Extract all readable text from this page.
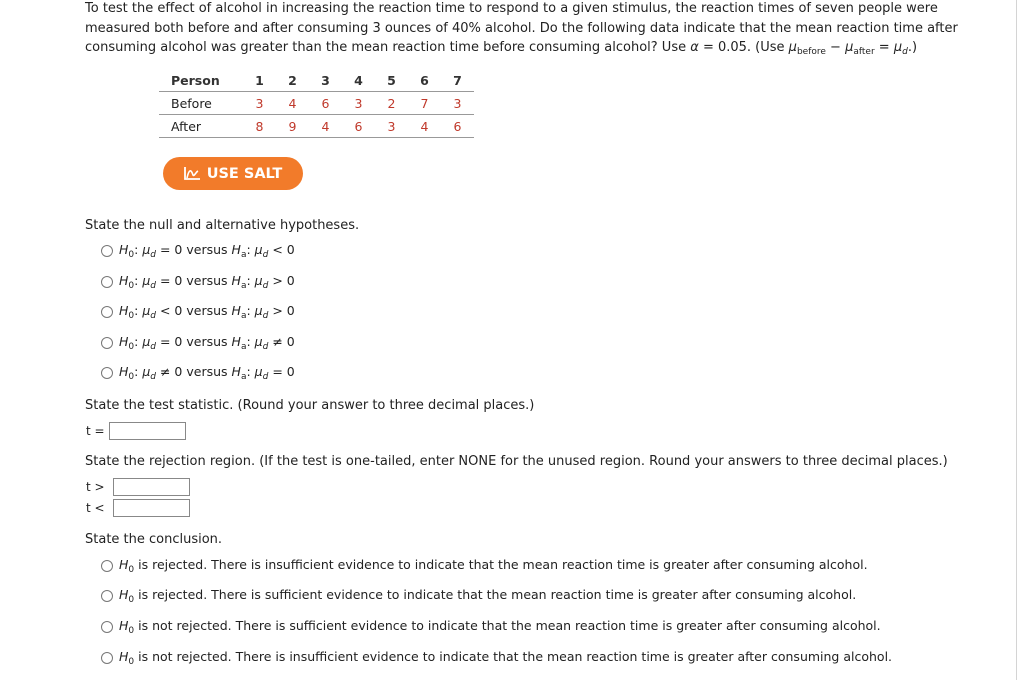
To test the effect of alcohol in increasing the reaction time to respond to a given stimulus, the reaction times of seven people were measured both before and after consuming 3 ounces of 40% alcohol. Do the following data indicate that the mean reaction time after consuming alcohol was greater than the mean reaction time before consuming alcohol? Use α = 0.05. (Use $\mu_{before} - \mu_{after} = \mu_d$.)
Person	1	2	3	4	5	6	7
Before	3	4	6	3	2	7	3
After	8	9	4	6	3	4	6
USE SALT
State the null and alternative hypotheses.
$H_0$: $\mu_d = 0$ versus $H_a$: $\mu_d < 0$
$H_0$: $\mu_d = 0$ versus $H_a$: $\mu_d > 0$
$H_0$: $\mu_d < 0$ versus $H_a$: $\mu_d > 0$
$H_0$: $\mu_d = 0$ versus $H_a$: $\mu_d \ne 0$
$H_0$: $\mu_d \ne 0$ versus $H_a$: $\mu_d = 0$
State the test statistic. (Round your answer to three decimal places.)
t =
State the rejection region. (If the test is one-tailed, enter NONE for the unused region. Round your answers to three decimal places.)
t >
t <
State the conclusion.
$H_0$ is rejected. There is insufficient evidence to indicate that the mean reaction time is greater after consuming alcohol.
$H_0$ is rejected. There is sufficient evidence to indicate that the mean reaction time is greater after consuming alcohol.
$H_0$ is not rejected. There is sufficient evidence to indicate that the mean reaction time is greater after consuming alcohol.
$H_0$ is not rejected. There is insufficient evidence to indicate that the mean reaction time is greater after consuming alcohol.
